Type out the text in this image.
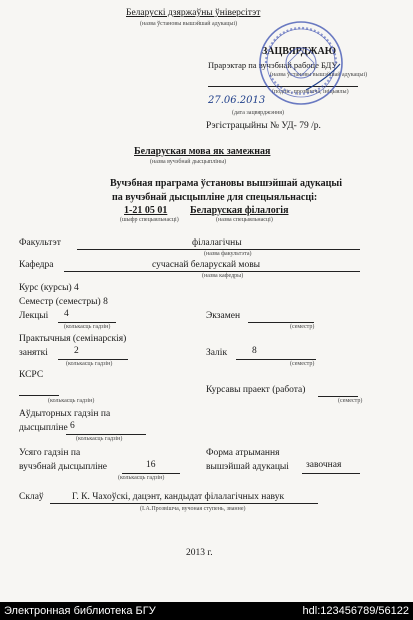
Беларускі дзяржаўны ўніверсітэт
(назва ўстановы вышэйшай адукацыі)
ЗАЦВЯРДЖАЮ
Прарэктар па вучэбнай рабоце БДУ
(назва ўстановы вышэйшай адукацыі)
(подпіс, прозвішча, ініцыялы)
27.06.2013
(дата зацвярджэння)
Рэгістрацыйны № УД- 79 /р.
Беларуская мова як замежная
(назва вучэбнай дысцыпліны)
Вучэбная праграма ўстановы вышэйшай адукацыі
па вучэбнай дысцыпліне для спецыяльнасці:
1-21 05 01 Беларуская філалогія
(шыфр спецыяльнасці)	(назва спецыяльнасці)
Факультэт	філалагічны
(назва факультэта)
Кафедра	сучаснай беларускай мовы
(назва кафедры)
Курс (курсы) 4
Семестр (семестры) 8
Лекцыі 4
(колькасць гадзін)
Экзамен
(семестр)
Практычныя (семінарскія)
заняткі	2
(колькасць гадзін)
Залік	8
(семестр)
КСРС
(колькасць гадзін)
Курсавы праект (работа)
(семестр)
Аўдыторных гадзін па
дысцыпліне 6
(колькасць гадзін)
Усяго гадзін па
вучэбнай дысцыпліне	16
(колькасць гадзін)
Форма атрымання
вышэйшай адукацыі завочная
Склаў	Г. К. Чахоўскі, дацэнт, кандыдат філалагічных навук
(І.А.Прозвішча, вучоная ступень, званне)
2013 г.
Электронная библиотека БГУ	hdl:123456789/56122
